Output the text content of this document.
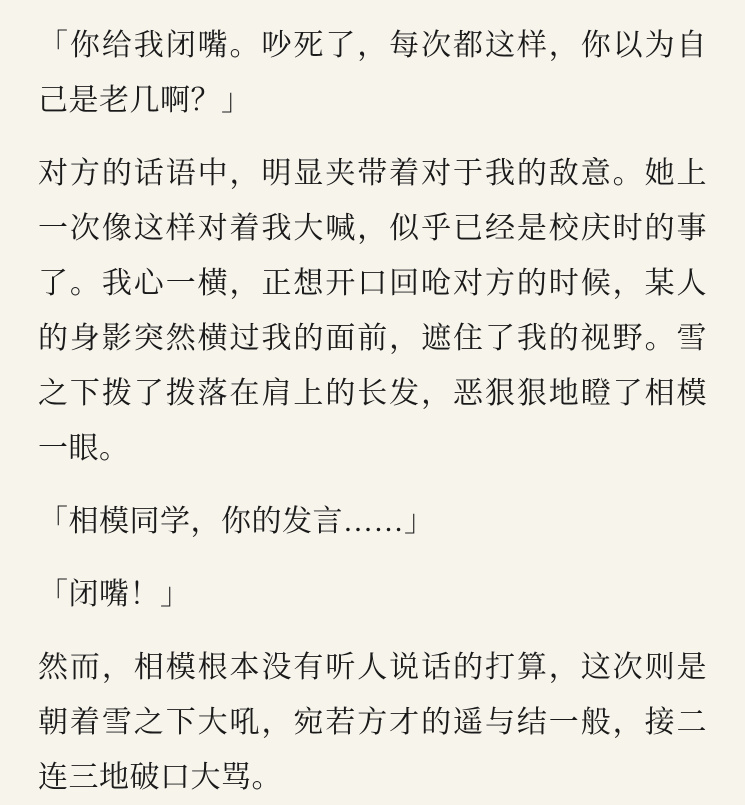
「你给我闭嘴。吵死了，每次都这样，你以为自己是老几啊？」

对方的话语中，明显夹带着对于我的敌意。她上一次像这样对着我大喊，似乎已经是校庆时的事了。我心一横，正想开口回呛对方的时候，某人的身影突然横过我的面前，遮住了我的视野。雪之下拨了拨落在肩上的长发，恶狠狠地瞪了相模一眼。

「相模同学，你的发言……」

「闭嘴！」

然而，相模根本没有听人说话的打算，这次则是朝着雪之下大吼，宛若方才的遥与结一般，接二连三地破口大骂。
